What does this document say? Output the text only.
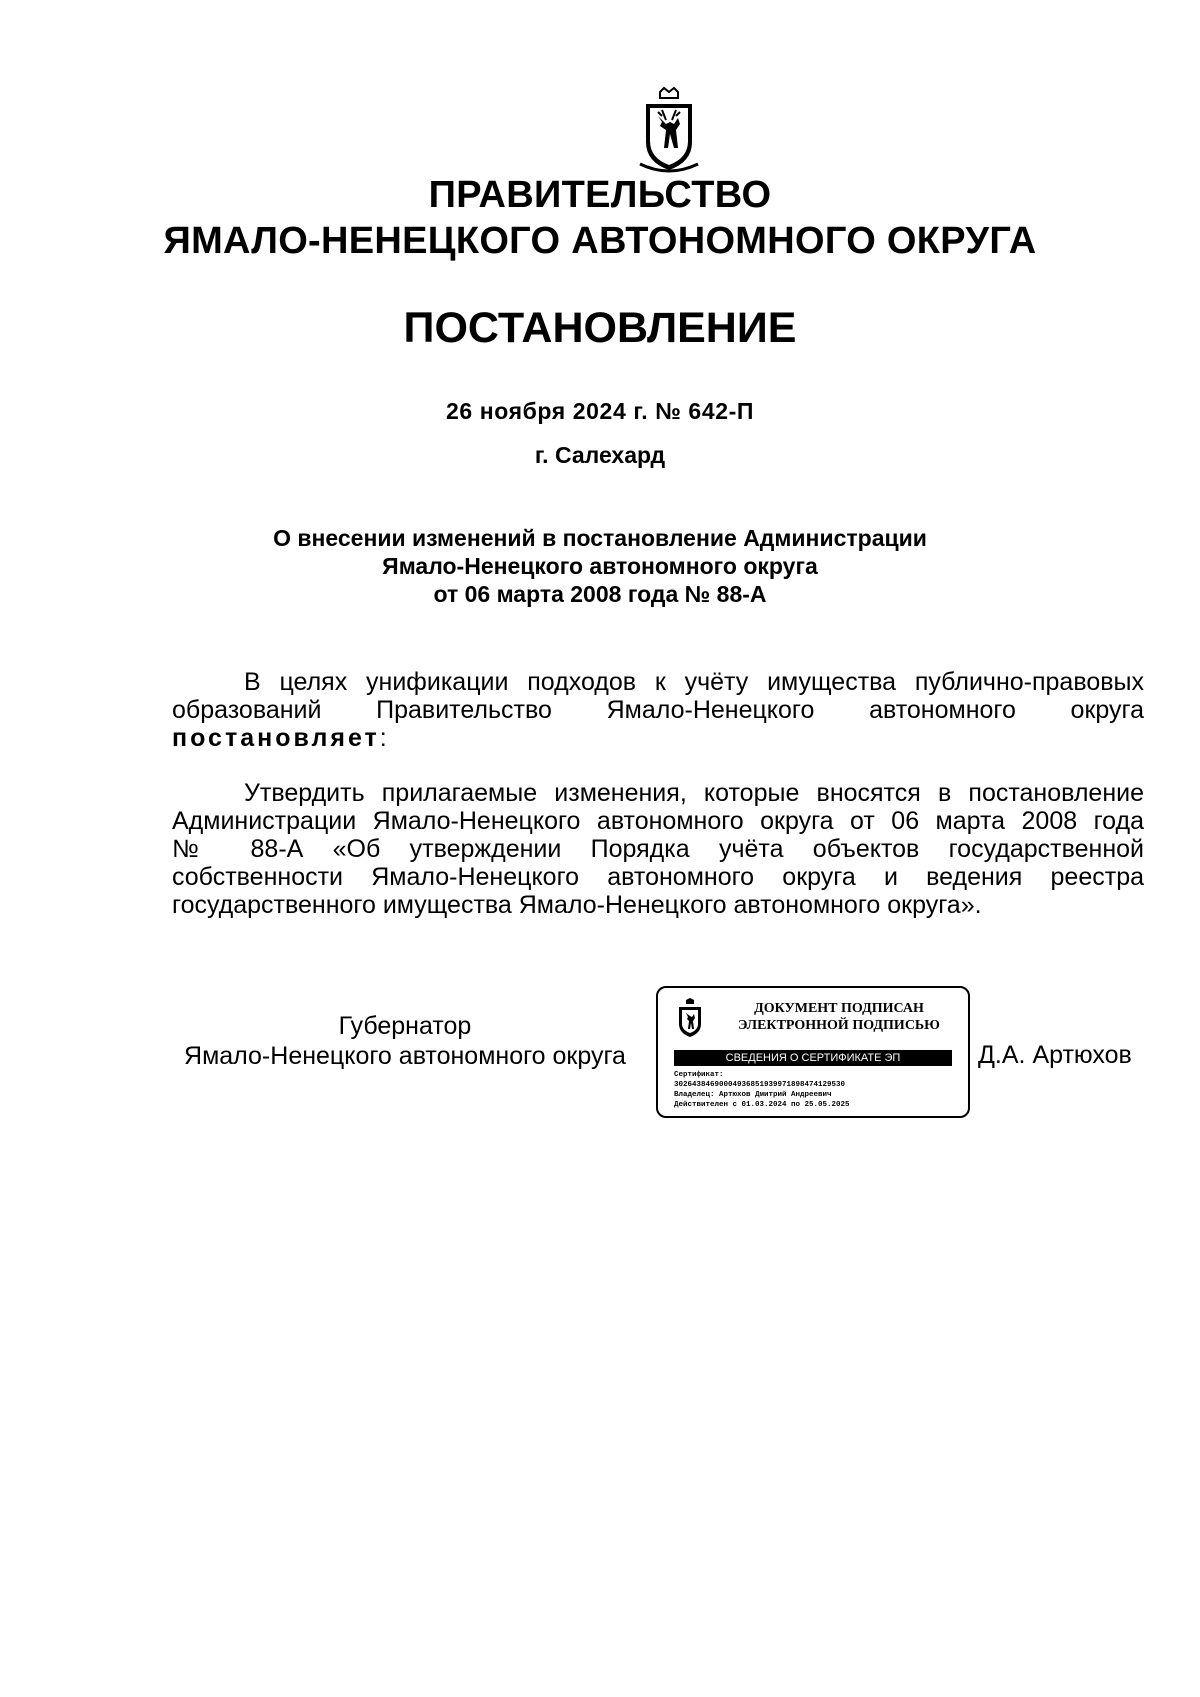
ПРАВИТЕЛЬСТВО
ЯМАЛО-НЕНЕЦКОГО АВТОНОМНОГО ОКРУГА
ПОСТАНОВЛЕНИЕ
26 ноября 2024 г. № 642-П
г. Салехард
О внесении изменений в постановление Администрации
Ямало-Ненецкого автономного округа
от 06 марта 2008 года № 88-А
В целях унификации подходов к учёту имущества публично-правовых
образований Правительство Ямало-Ненецкого автономного округа
постановляет:
Утвердить прилагаемые изменения, которые вносятся в постановление
Администрации Ямало-Ненецкого автономного округа от 06 марта 2008 года
№ 88-А «Об утверждении Порядка учёта объектов государственной
собственности Ямало-Ненецкого автономного округа и ведения реестра
государственного имущества Ямало-Ненецкого автономного округа».
Губернатор
Ямало-Ненецкого автономного округа
ДОКУМЕНТ ПОДПИСАН
ЭЛЕКТРОННОЙ ПОДПИСЬЮ
СВЕДЕНИЯ О СЕРТИФИКАТЕ ЭП
Сертификат:
30264384690004936851939971898474129530
Владелец: Артюхов Дмитрий Андреевич
Действителен с 01.03.2024 по 25.05.2025
Д.А. Артюхов
